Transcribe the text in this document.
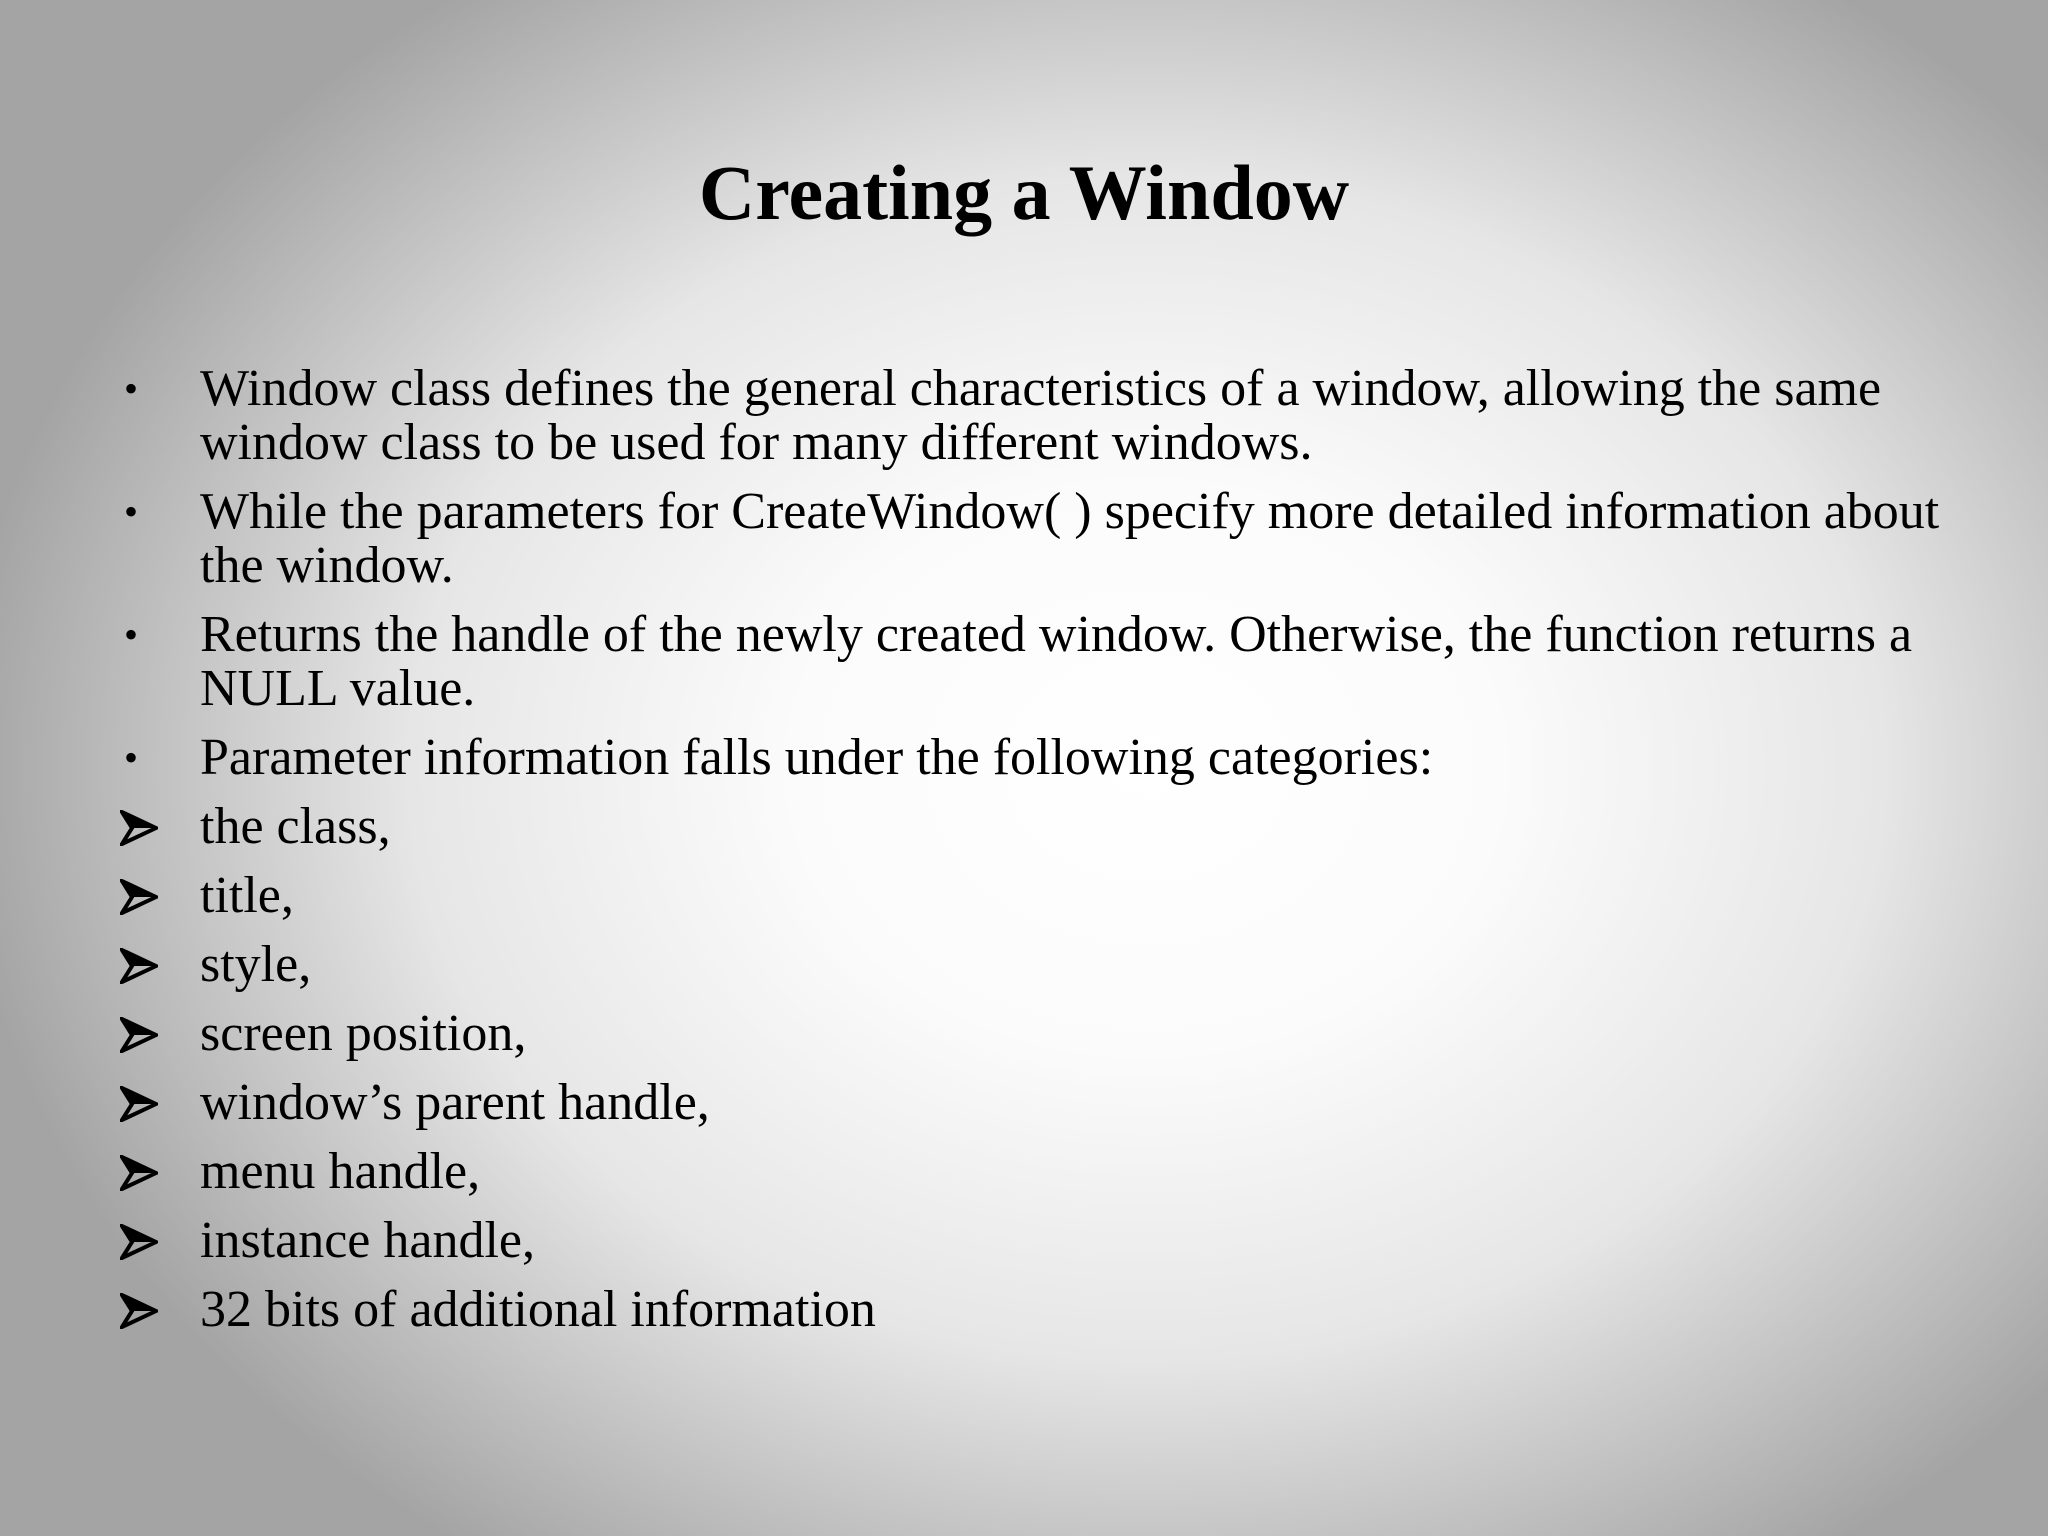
Creating a Window
•	Window class defines the general characteristics of a window, allowing the same window class to be used for many different windows.
•	While the parameters for CreateWindow( ) specify more detailed information about the window.
•	Returns the handle of the newly created window. Otherwise, the function returns a NULL value.
•	Parameter information falls under the following categories:
the class,
title,
style,
screen position,
window’s parent handle,
menu handle,
instance handle,
32 bits of additional information
